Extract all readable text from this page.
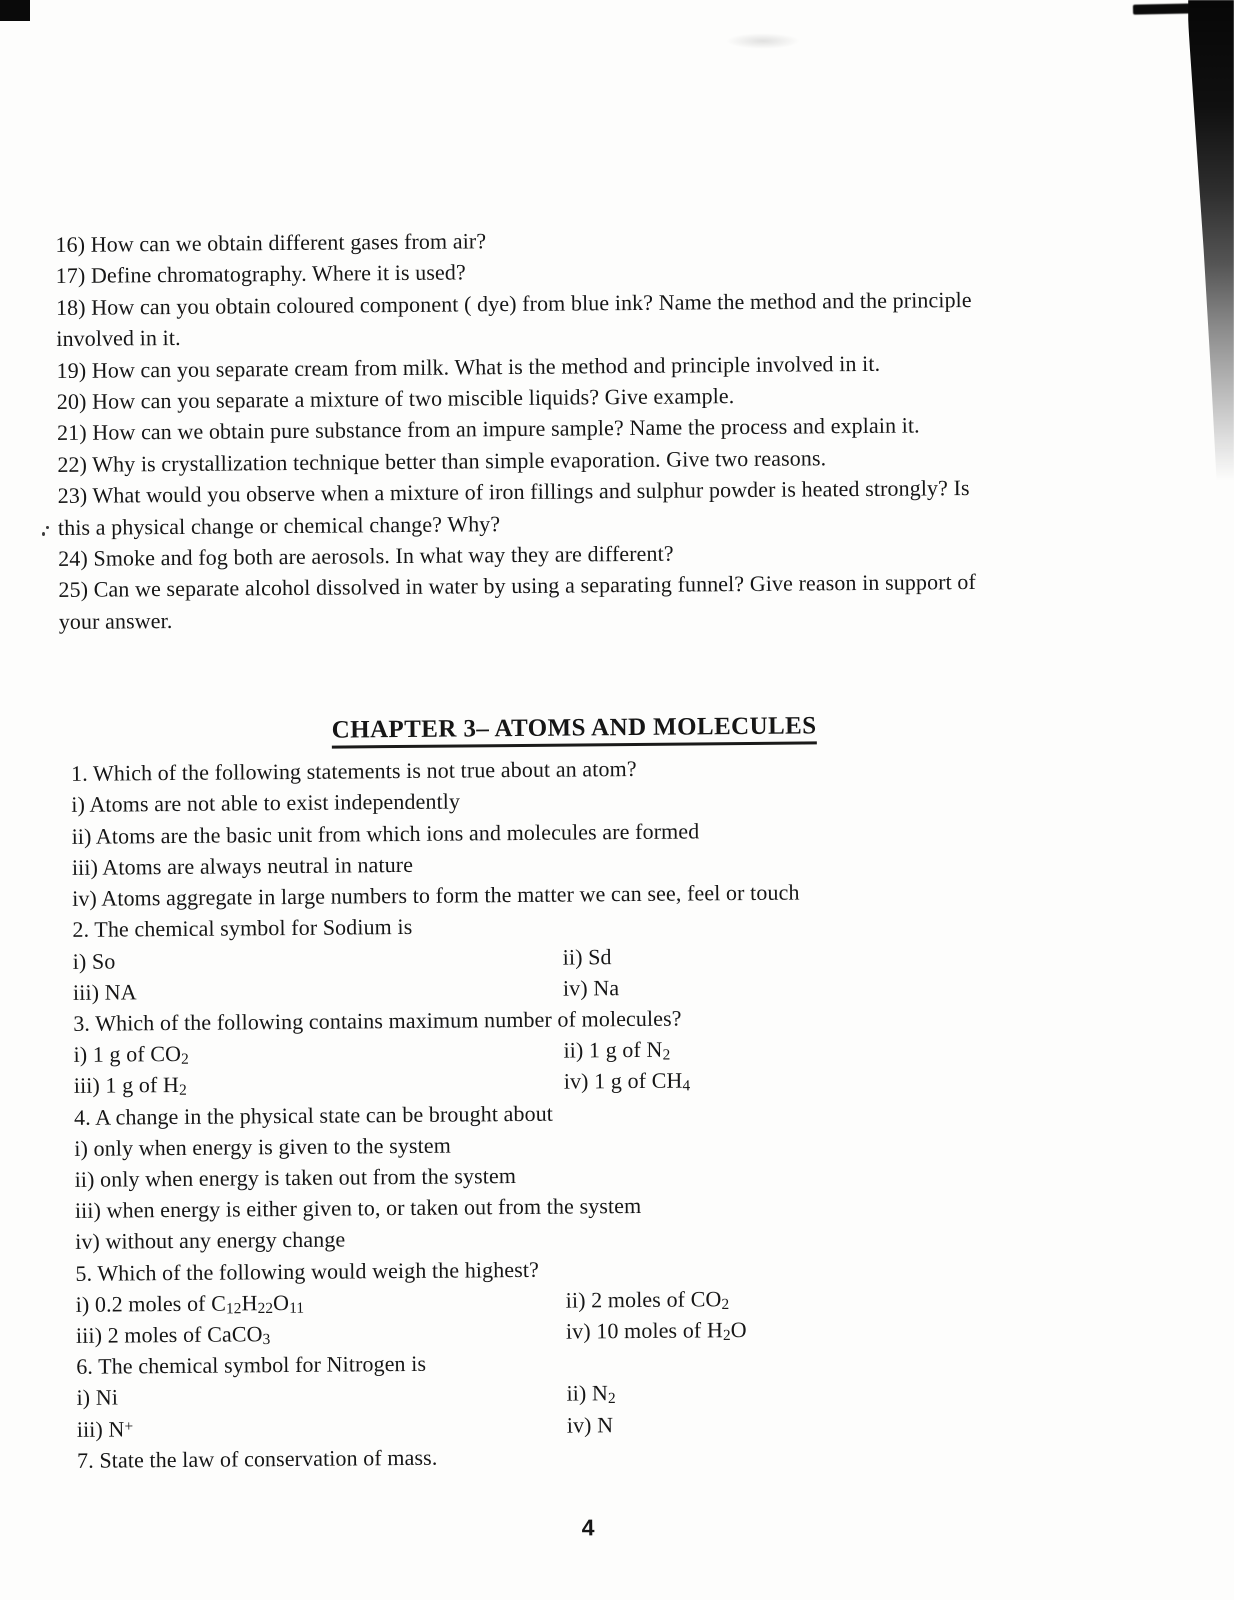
16) How can we obtain different gases from air?
17) Define chromatography. Where it is used?
18) How can you obtain coloured component ( dye) from blue ink? Name the method and the principle
involved in it.
19) How can you separate cream from milk. What is the method and principle involved in it.
20) How can you separate a mixture of two miscible liquids? Give example.
21) How can we obtain pure substance from an impure sample? Name the process and explain it.
22) Why is crystallization technique better than simple evaporation. Give two reasons.
23) What would you observe when a mixture of iron fillings and sulphur powder is heated strongly? Is
this a physical change or chemical change? Why?
24) Smoke and fog both are aerosols. In what way they are different?
25) Can we separate alcohol dissolved in water by using a separating funnel? Give reason in support of
your answer.
CHAPTER 3– ATOMS AND MOLECULES
1. Which of the following statements is not true about an atom?
i) Atoms are not able to exist independently
ii) Atoms are the basic unit from which ions and molecules are formed
iii) Atoms are always neutral in nature
iv) Atoms aggregate in large numbers to form the matter we can see, feel or touch
2. The chemical symbol for Sodium is
i) So	ii) Sd
iii) NA	iv) Na
3. Which of the following contains maximum number of molecules?
i) 1 g of $CO_2$	ii) 1 g of $N_2$
iii) 1 g of $H_2$	iv) 1 g of $CH_4$
4. A change in the physical state can be brought about
i) only when energy is given to the system
ii) only when energy is taken out from the system
iii) when energy is either given to, or taken out from the system
iv) without any energy change
5. Which of the following would weigh the highest?
i) 0.2 moles of $C_{12}H_{22}O_{11}$	ii) 2 moles of $CO_2$
iii) 2 moles of CaCO$_3$	iv) 10 moles of $H_2O$
6. The chemical symbol for Nitrogen is
i) Ni	ii) $N_2$
iii) N+	iv) N
7. State the law of conservation of mass.
4
